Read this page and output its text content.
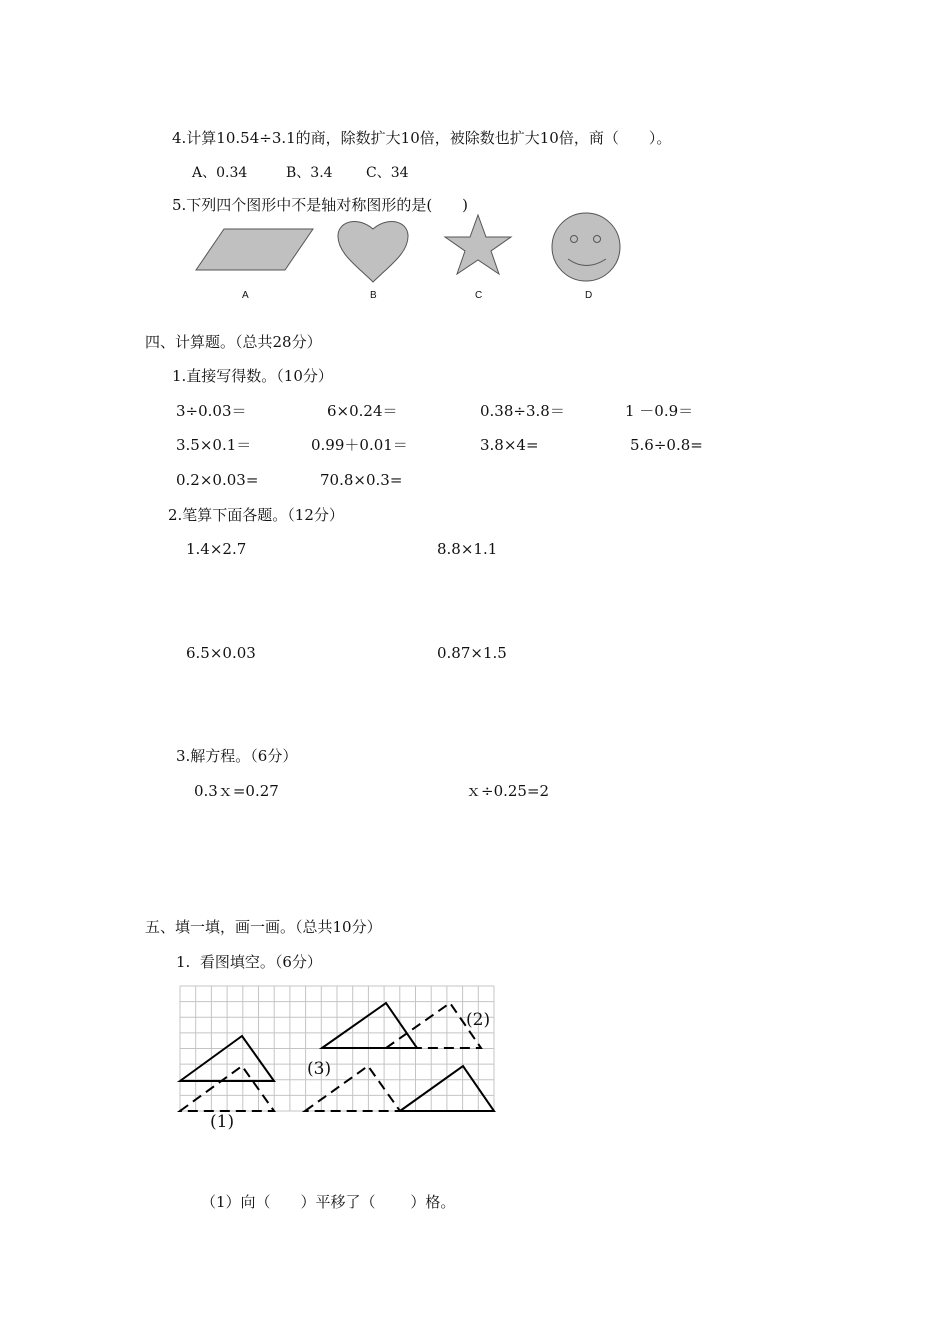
4.计算10.54÷3.1的商，除数扩大10倍，被除数也扩大10倍，商（　　）。
A、0.34	B、3.4 C、34
5.下列四个图形中不是轴对称图形的是(　　)
A	B	C	D
四、计算题。（总共28分）
1.直接写得数。（10分）
3÷0.03＝	6×0.24＝	0.38÷3.8＝	1 －0.9＝
3.5×0.1＝	0.99＋0.01＝	3.8×4=	5.6÷0.8=
0.2×0.03=	70.8×0.3=
2.笔算下面各题。（12分）
1.4×2.7	8.8×1.1
6.5×0.03	0.87×1.5
3.解方程。（6分）
0.3ｘ=0.27	ｘ÷0.25=2
五、填一填，画一画。（总共10分）
1.  看图填空。（6分）
(1)
(2)
(3)
（1）向（　　）平移了（　　 ）格。
